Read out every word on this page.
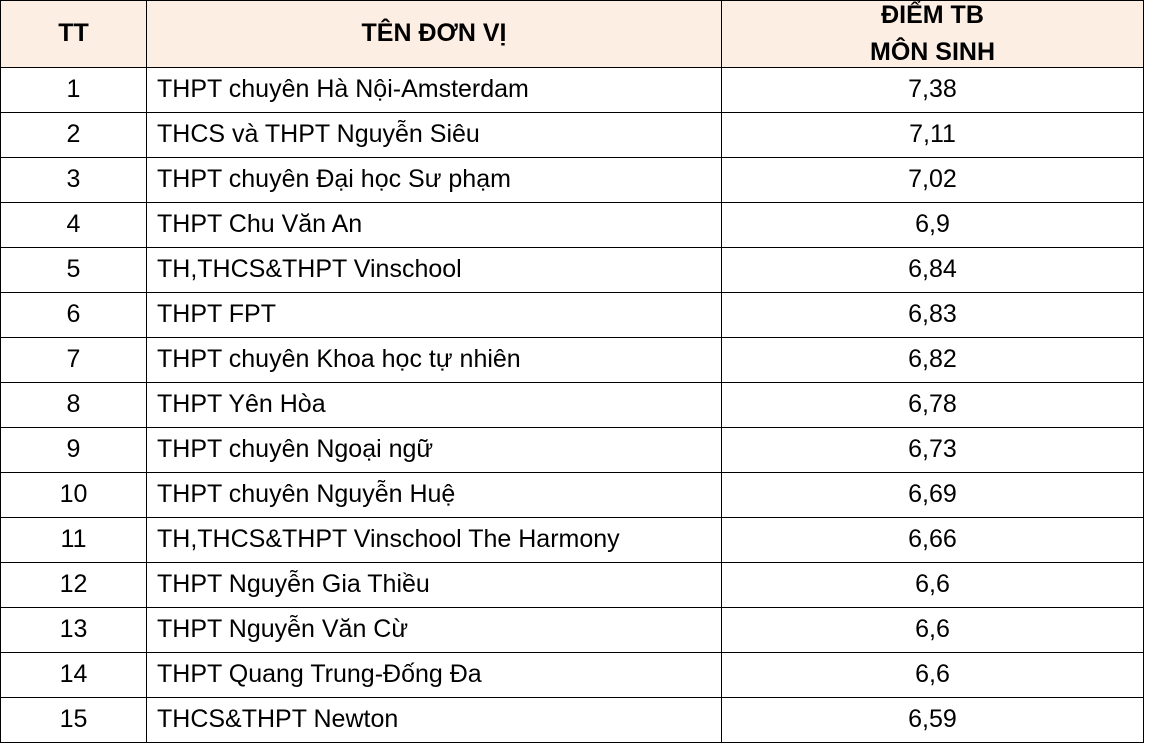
TT	TÊN ĐƠN VỊ	ĐIỂM TB
MÔN SINH

1	THPT chuyên Hà Nội-Amsterdam	7,38
2	THCS và THPT Nguyễn Siêu	7,11
3	THPT chuyên Đại học Sư phạm	7,02
4	THPT Chu Văn An	6,9
5	TH,THCS&THPT Vinschool	6,84
6	THPT FPT	6,83
7	THPT chuyên Khoa học tự nhiên	6,82
8	THPT Yên Hòa	6,78
9	THPT chuyên Ngoại ngữ	6,73
10	THPT chuyên Nguyễn Huệ	6,69
11	TH,THCS&THPT Vinschool The Harmony	6,66
12	THPT Nguyễn Gia Thiều	6,6
13	THPT Nguyễn Văn Cừ	6,6
14	THPT Quang Trung-Đống Đa	6,6
15	THCS&THPT Newton	6,59
